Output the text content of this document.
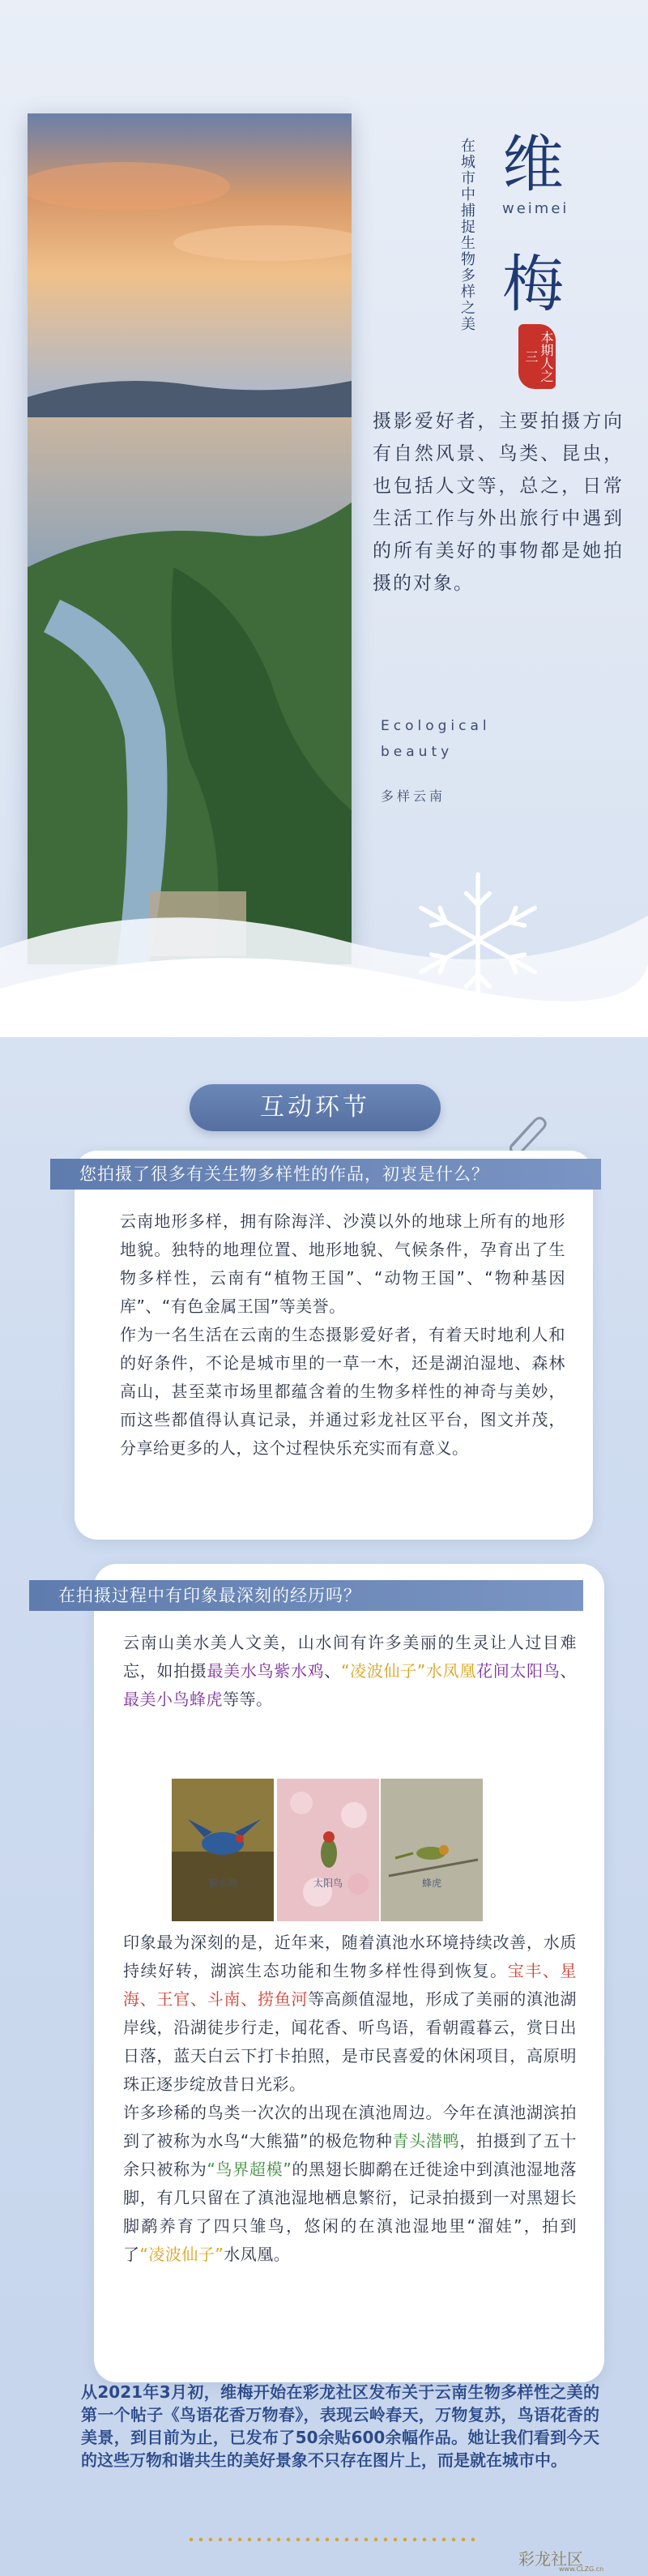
在城市中捕捉生物多样之美 维
weimei
梅
本期人之三
摄影爱好者，主要拍摄方向有自然风景、鸟类、昆虫，也包括人文等，总之，日常生活工作与外出旅行中遇到的所有美好的事物都是她拍摄的对象。
Ecological
beauty
多样云南
互动环节
您拍摄了很多有关生物多样性的作品，初衷是什么？
云南地形多样，拥有除海洋、沙漠以外的地球上所有的地形地貌。独特的地理位置、地形地貌、气候条件，孕育出了生物多样性，云南有“植物王国”、“动物王国”、“物种基因库”、“有色金属王国”等美誉。
作为一名生活在云南的生态摄影爱好者，有着天时地利人和的好条件，不论是城市里的一草一木，还是湖泊湿地、森林高山，甚至菜市场里都蕴含着的生物多样性的神奇与美妙，而这些都值得认真记录，并通过彩龙社区平台，图文并茂，分享给更多的人，这个过程快乐充实而有意义。
在拍摄过程中有印象最深刻的经历吗？
云南山美水美人文美，山水间有许多美丽的生灵让人过目难忘，如拍摄最美水鸟紫水鸡、“凌波仙子”水凤凰花间太阳鸟、最美小鸟蜂虎等等。
紫水鸡	太阳鸟	蜂虎
印象最为深刻的是，近年来，随着滇池水环境持续改善，水质持续好转，湖滨生态功能和生物多样性得到恢复。宝丰、星海、王官、斗南、捞鱼河等高颜值湿地，形成了美丽的滇池湖岸线，沿湖徒步行走，闻花香、听鸟语，看朝霞暮云，赏日出日落，蓝天白云下打卡拍照，是市民喜爱的休闲项目，高原明珠正逐步绽放昔日光彩。
许多珍稀的鸟类一次次的出现在滇池周边。今年在滇池湖滨拍到了被称为水鸟“大熊猫”的极危物种青头潜鸭，拍摄到了五十余只被称为“鸟界超模”的黑翅长脚鹬在迁徙途中到滇池湿地落脚，有几只留在了滇池湿地栖息繁衍，记录拍摄到一对黑翅长脚鹬养育了四只雏鸟，悠闲的在滇池湿地里“溜娃”，拍到了“凌波仙子”水凤凰。
从2021年3月初，维梅开始在彩龙社区发布关于云南生物多样性之美的第一个帖子《鸟语花香万物春》，表现云岭春天，万物复苏，鸟语花香的美景，到目前为止，已发布了50余贴600余幅作品。她让我们看到今天的这些万物和谐共生的美好景象不只存在图片上，而是就在城市中。
彩龙社区
www.CLZG.cn
